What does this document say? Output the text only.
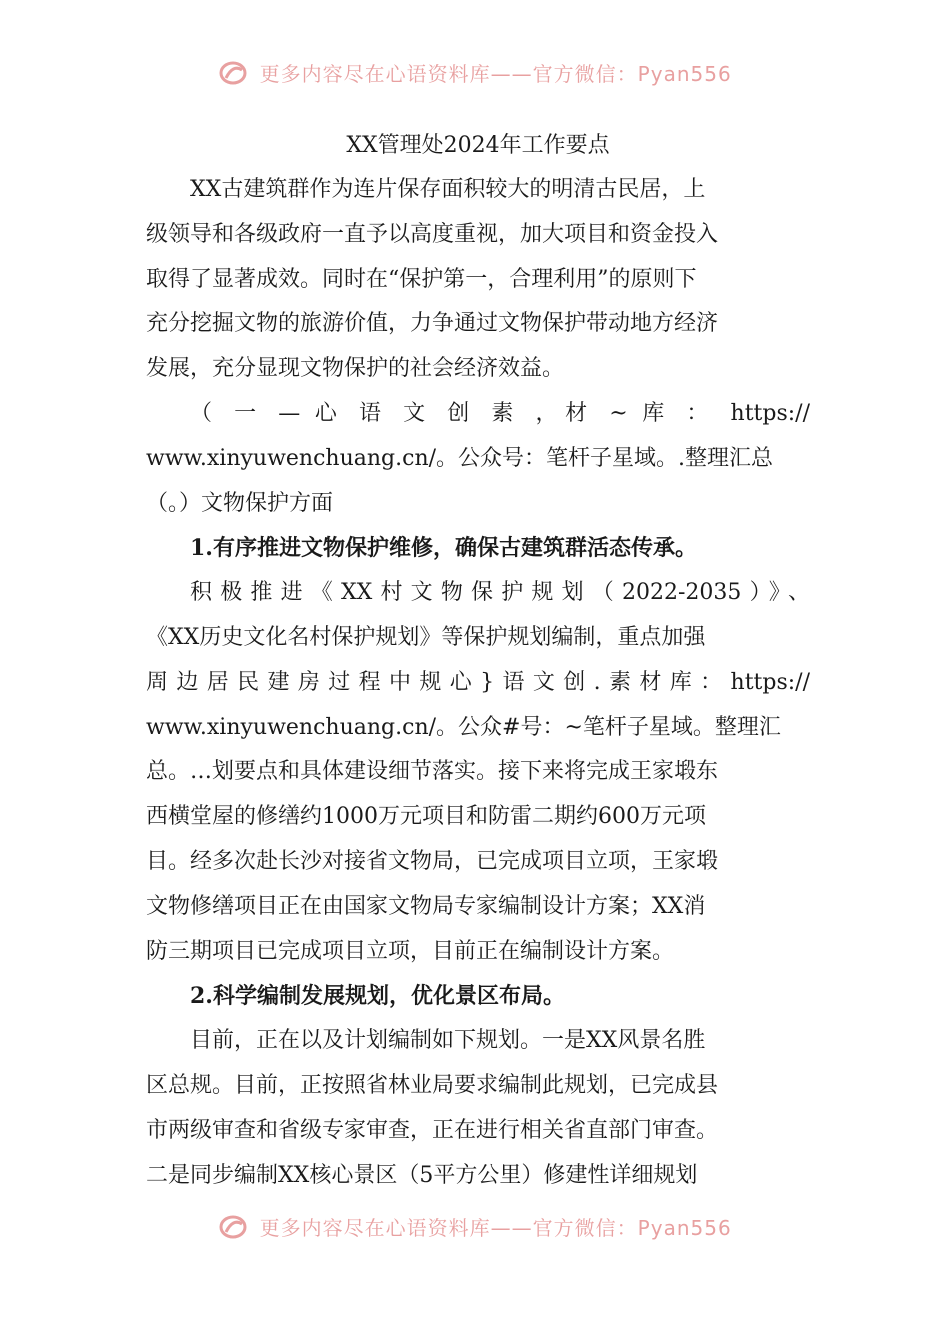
更多内容尽在心语资料库——官方微信：Pyan556

XX管理处2024年工作要点

XX古建筑群作为连片保存面积较大的明清古民居，上

级领导和各级政府一直予以高度重视，加大项目和资金投入

取得了显著成效。同时在“保护第一，合理利用”的原则下

充分挖掘文物的旅游价值，力争通过文物保护带动地方经济

发展，充分显现文物保护的社会经济效益。

（ 一 — 心 语 文 创 素 ，材 ~ 库 ： https://

www.xinyuwenchuang.cn/。公众号：笔杆子星域。.整理汇总

（。）文物保护方面

1.有序推进文物保护维修，确保古建筑群活态传承。

积极推进《XX村文物保护规划（2022-2035）》、

《XX历史文化名村保护规划》等保护规划编制，重点加强

周边居民建房过程中规心}语文创.素材库：https://

www.xinyuwenchuang.cn/。公众#号：~笔杆子星域。整理汇

总。…划要点和具体建设细节落实。接下来将完成王家塅东

西横堂屋的修缮约1000万元项目和防雷二期约600万元项

目。经多次赴长沙对接省文物局，已完成项目立项，王家塅

文物修缮项目正在由国家文物局专家编制设计方案；XX消

防三期项目已完成项目立项，目前正在编制设计方案。

2.科学编制发展规划，优化景区布局。

目前，正在以及计划编制如下规划。一是XX风景名胜

区总规。目前，正按照省林业局要求编制此规划，已完成县

市两级审查和省级专家审查，正在进行相关省直部门审查。

二是同步编制XX核心景区（5平方公里）修建性详细规划

更多内容尽在心语资料库——官方微信：Pyan556
